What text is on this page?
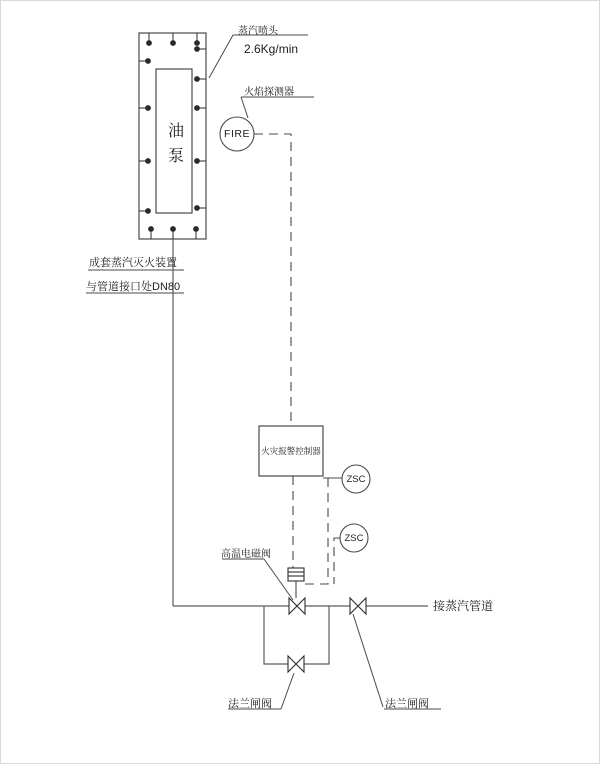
蒸汽喷头
2.6Kg/min
火焰探测器
FIRE
油泵
成套蒸汽灭火装置
与管道接口处DN80
火灾报警控制器
ZSC
ZSC
高温电磁阀
接蒸汽管道
法兰闸阀	法兰闸阀
